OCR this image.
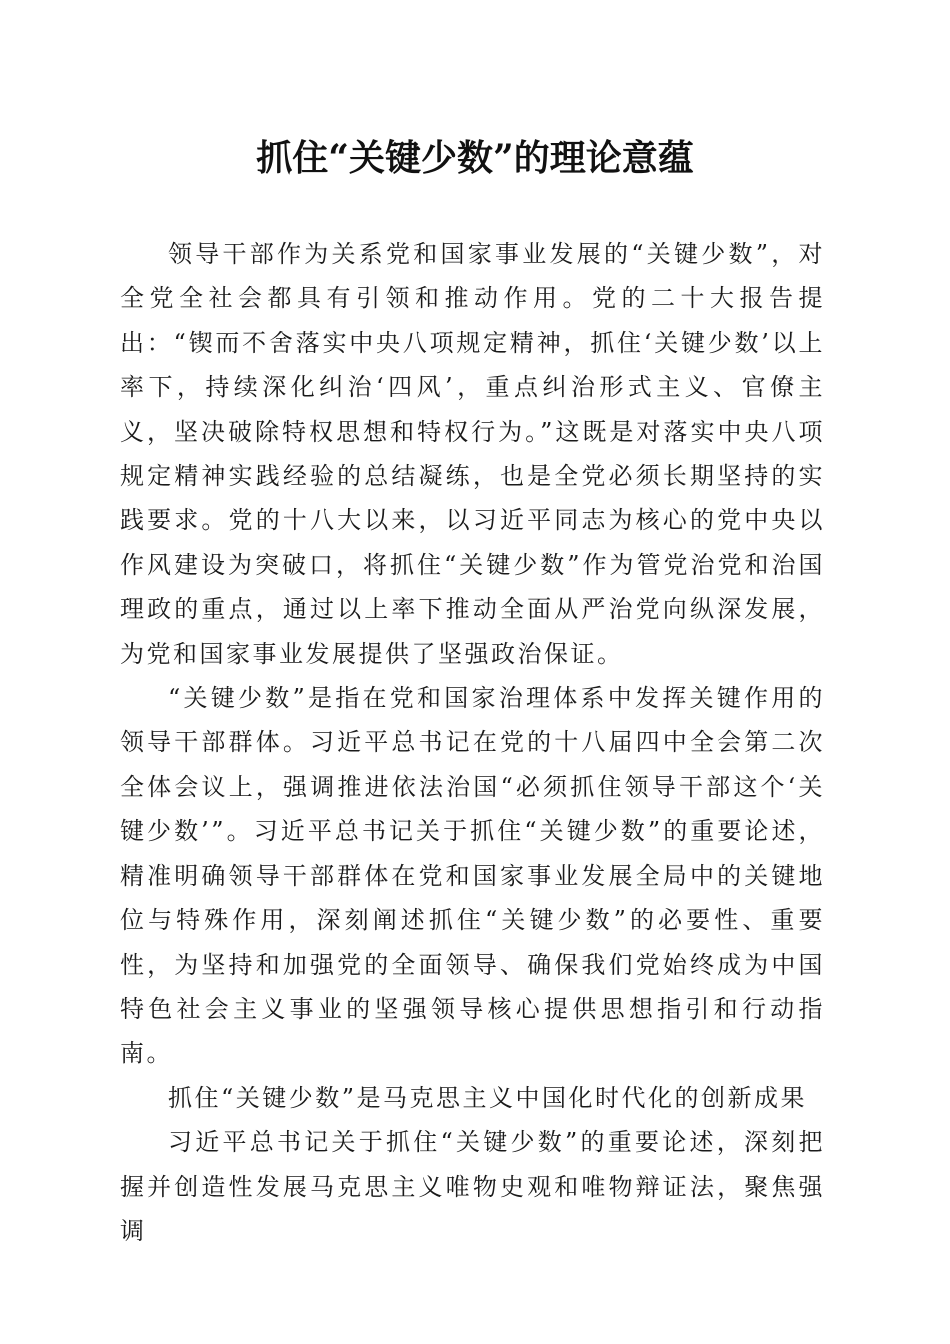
抓住“关键少数”的理论意蕴

领导干部作为关系党和国家事业发展的“关键少数”，对全党全社会都具有引领和推动作用。党的二十大报告提出：“锲而不舍落实中央八项规定精神，抓住‘关键少数’以上率下，持续深化纠治‘四风’，重点纠治形式主义、官僚主义，坚决破除特权思想和特权行为。”这既是对落实中央八项规定精神实践经验的总结凝练，也是全党必须长期坚持的实践要求。党的十八大以来，以习近平同志为核心的党中央以作风建设为突破口，将抓住“关键少数”作为管党治党和治国理政的重点，通过以上率下推动全面从严治党向纵深发展，为党和国家事业发展提供了坚强政治保证。

“关键少数”是指在党和国家治理体系中发挥关键作用的领导干部群体。习近平总书记在党的十八届四中全会第二次全体会议上，强调推进依法治国“必须抓住领导干部这个‘关键少数’”。习近平总书记关于抓住“关键少数”的重要论述，精准明确领导干部群体在党和国家事业发展全局中的关键地位与特殊作用，深刻阐述抓住“关键少数”的必要性、重要性，为坚持和加强党的全面领导、确保我们党始终成为中国特色社会主义事业的坚强领导核心提供思想指引和行动指南。

抓住“关键少数”是马克思主义中国化时代化的创新成果

习近平总书记关于抓住“关键少数”的重要论述，深刻把握并创造性发展马克思主义唯物史观和唯物辩证法，聚焦强调
